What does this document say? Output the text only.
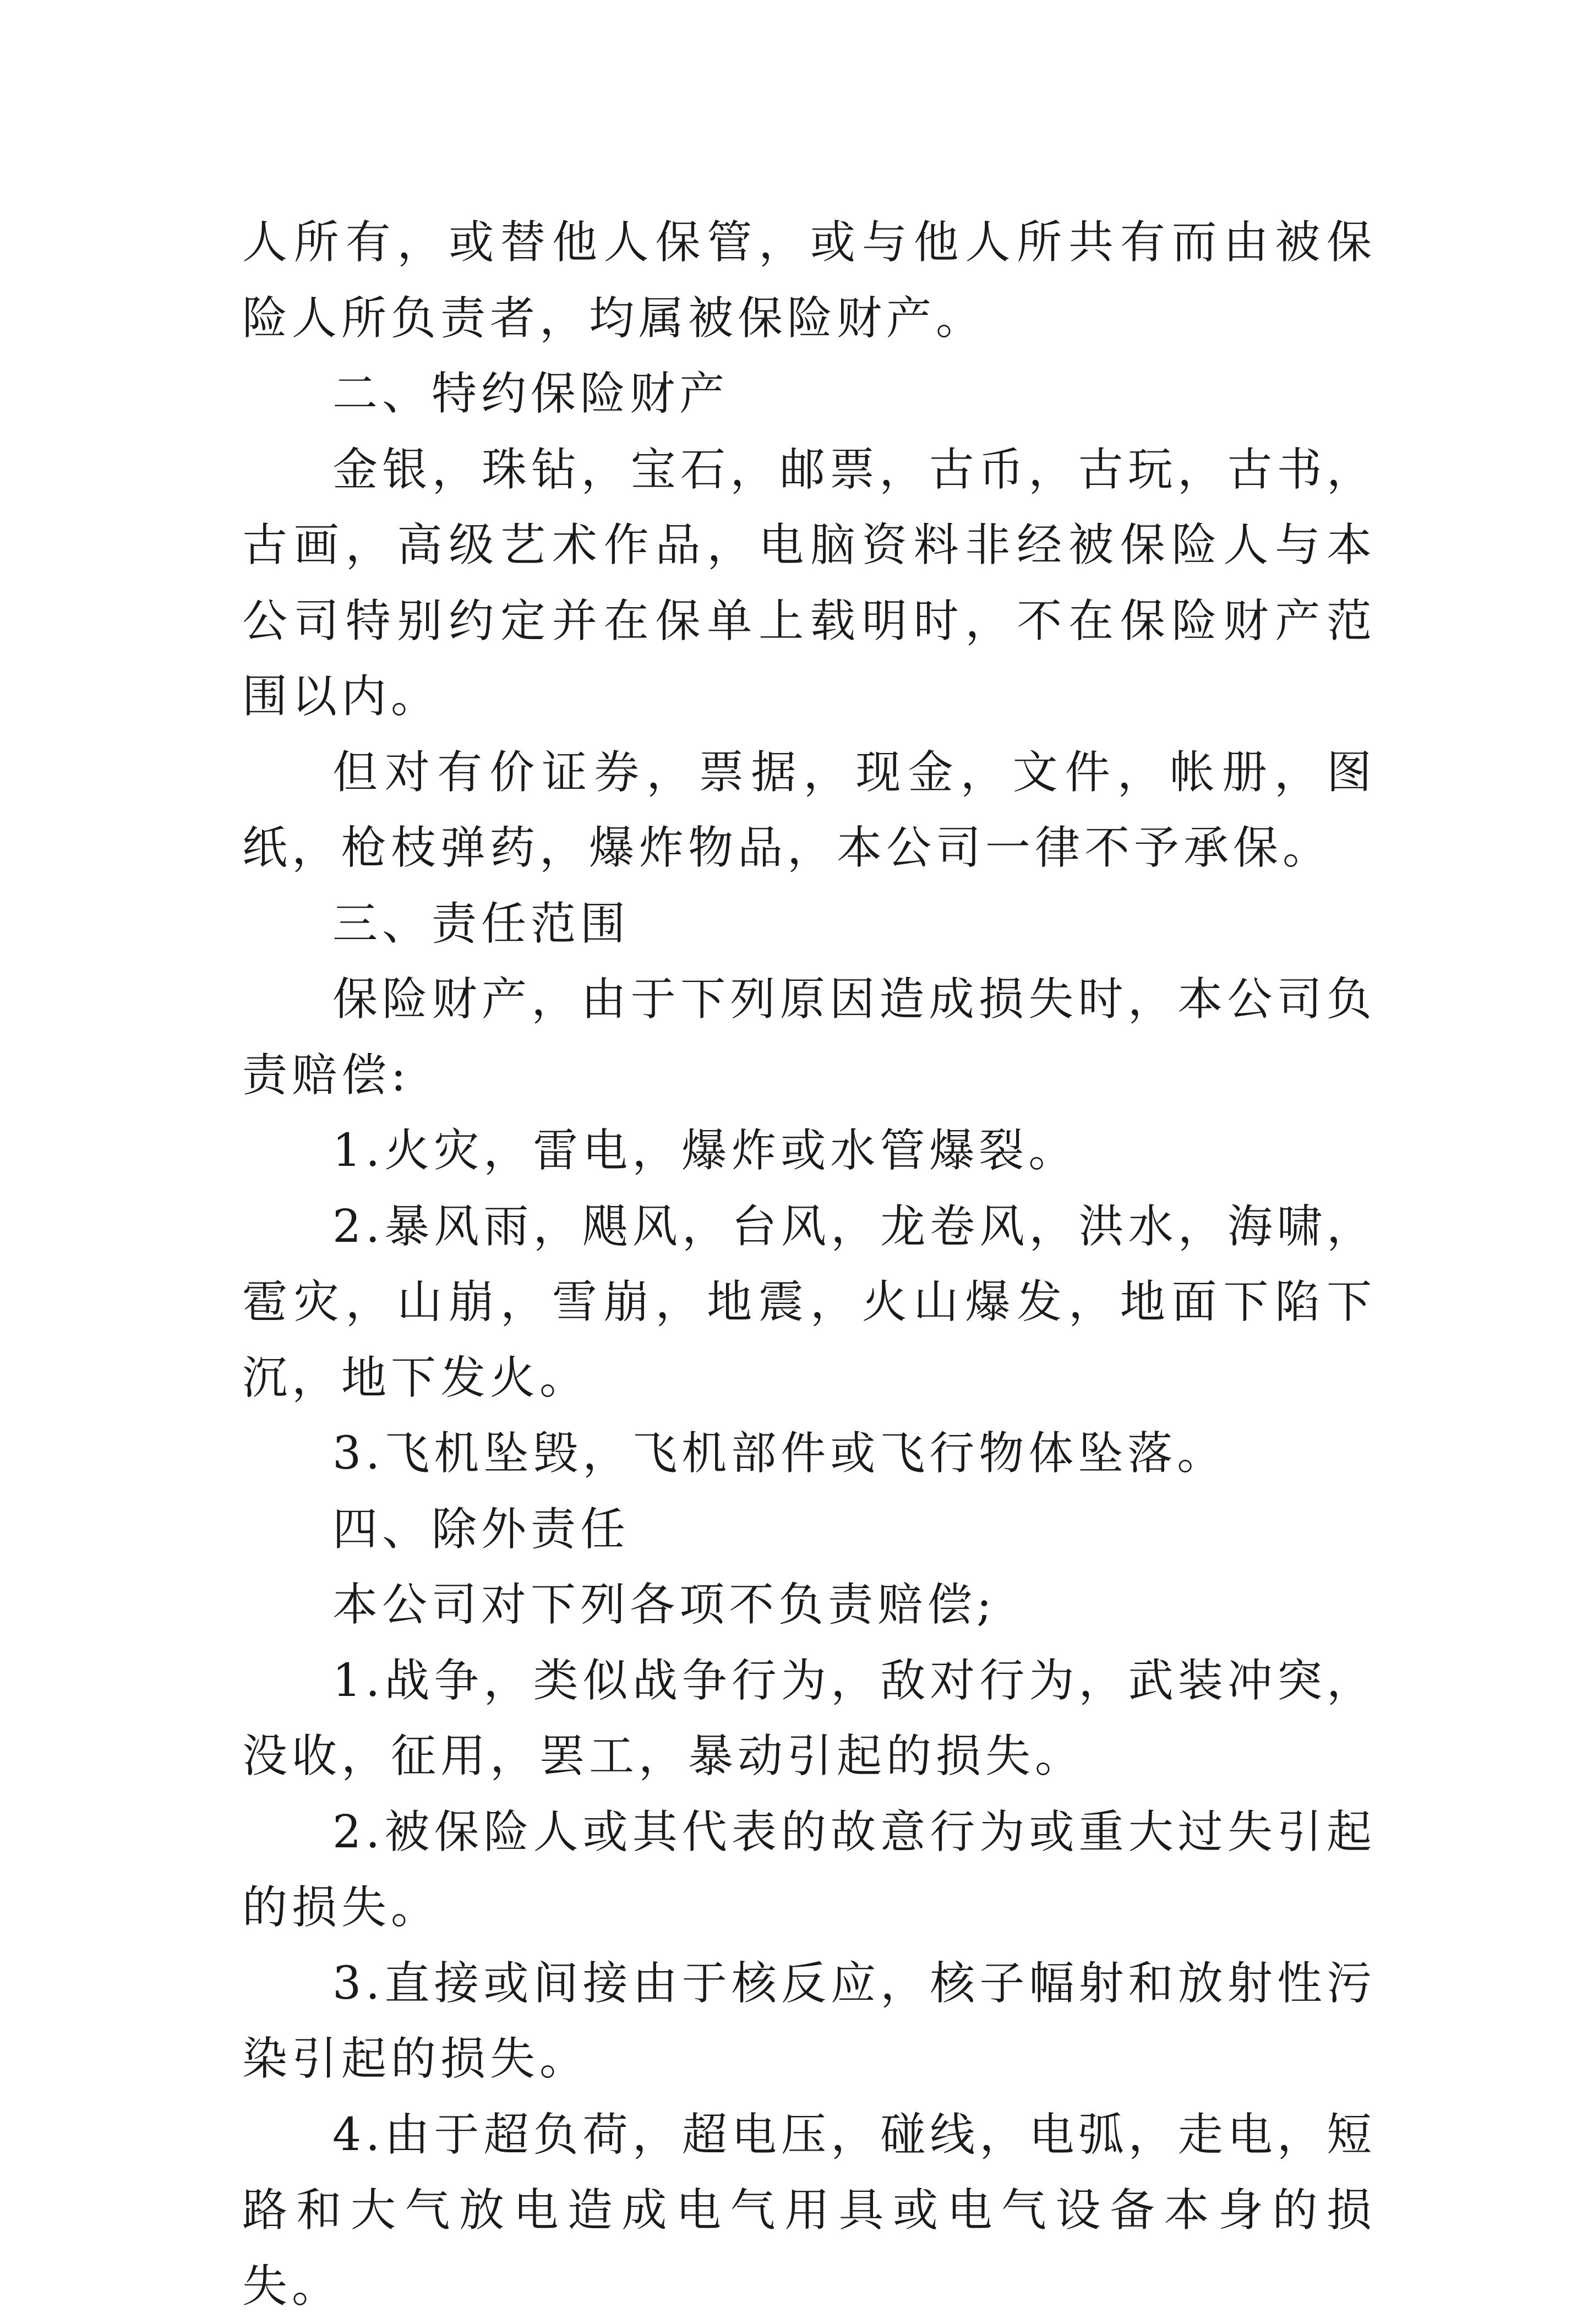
人所有，或替他人保管，或与他人所共有而由被保险人所负责者，均属被保险财产。

二、特约保险财产

金银，珠钻，宝石，邮票，古币，古玩，古书，古画，高级艺术作品，电脑资料非经被保险人与本公司特别约定并在保单上载明时，不在保险财产范围以内。

但对有价证券，票据，现金，文件，帐册，图纸，枪枝弹药，爆炸物品，本公司一律不予承保。

三、责任范围

保险财产，由于下列原因造成损失时，本公司负责赔偿:

1.火灾，雷电，爆炸或水管爆裂。

2.暴风雨，飓风，台风，龙卷风，洪水，海啸，雹灾，山崩，雪崩，地震，火山爆发，地面下陷下沉，地下发火。

3.飞机坠毁，飞机部件或飞行物体坠落。

四、除外责任

本公司对下列各项不负责赔偿;

1.战争，类似战争行为，敌对行为，武装冲突，没收，征用，罢工，暴动引起的损失。

2.被保险人或其代表的故意行为或重大过失引起的损失。

3.直接或间接由于核反应，核子幅射和放射性污染引起的损失。

4.由于超负荷，超电压，碰线，电弧，走电，短路和大气放电造成电气用具或电气设备本身的损失。
